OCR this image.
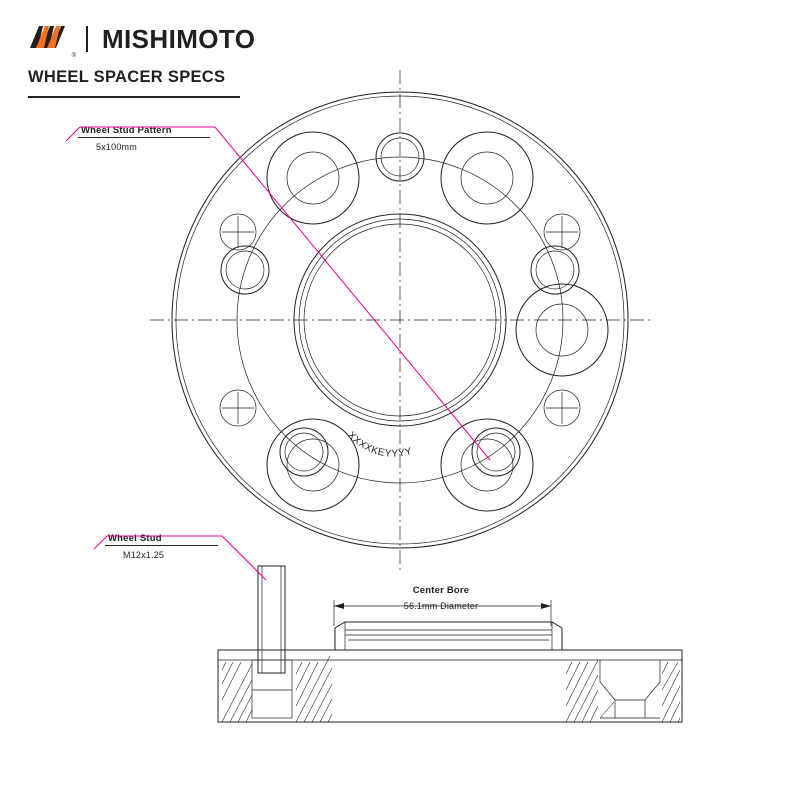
®
MISHIMOTO
WHEEL SPACER SPECS
Wheel Stud Pattern
5x100mm
Wheel Stud
M12x1.25
Center Bore
56.1mm Diameter
XXXXKEYYYY
